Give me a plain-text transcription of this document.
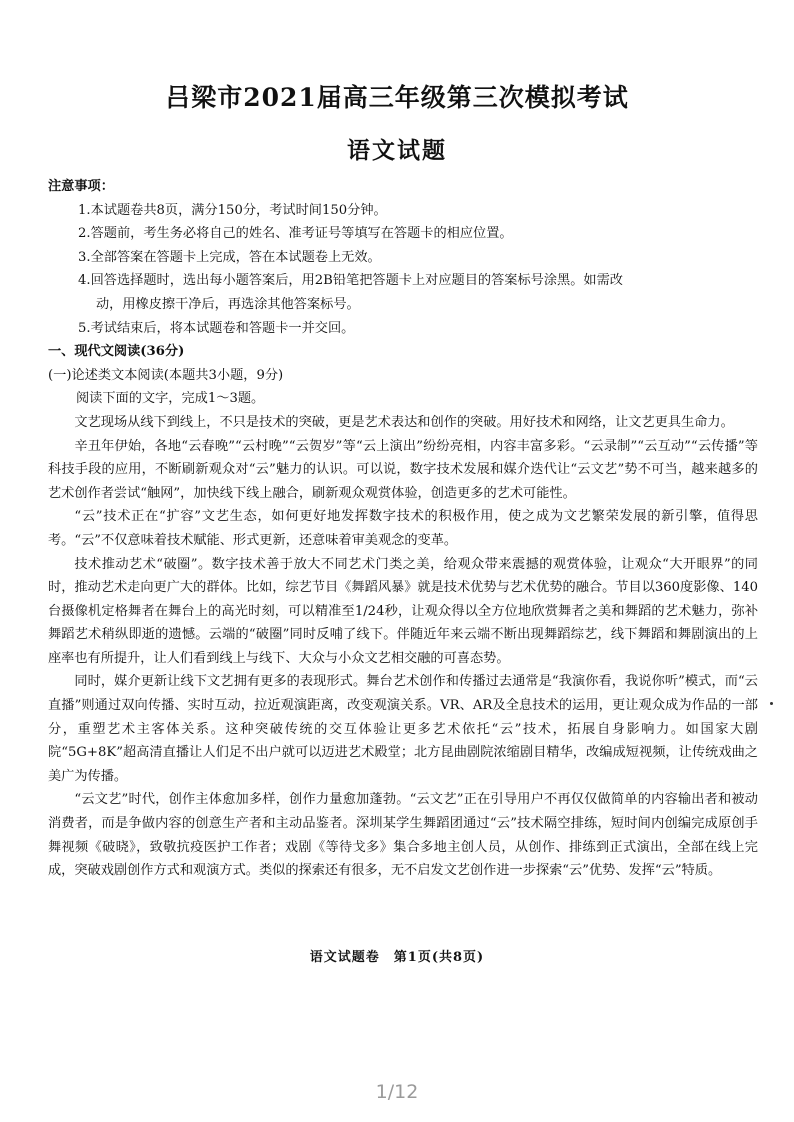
吕梁市2021届高三年级第三次模拟考试
语文试题
注意事项：
1.本试题卷共8页，满分150分，考试时间150分钟。
2.答题前，考生务必将自己的姓名、准考证号等填写在答题卡的相应位置。
3.全部答案在答题卡上完成，答在本试题卷上无效。
4.回答选择题时，选出每小题答案后，用2B铅笔把答题卡上对应题目的答案标号涂黑。如需改
动，用橡皮擦干净后，再选涂其他答案标号。
5.考试结束后，将本试题卷和答题卡一并交回。
一、现代文阅读(36分)
(一)论述类文本阅读(本题共3小题，9分)
阅读下面的文字，完成1～3题。
文艺现场从线下到线上，不只是技术的突破，更是艺术表达和创作的突破。用好技术和网络，让文艺更具生命力。
辛丑年伊始，各地“云春晚”“云村晚”“云贺岁”等“云上演出”纷纷亮相，内容丰富多彩。“云录制”“云互动”“云传播”等科技手段的应用，不断刷新观众对“云”魅力的认识。可以说，数字技术发展和媒介迭代让“云文艺”势不可当，越来越多的艺术创作者尝试“触网”，加快线下线上融合，刷新观众观赏体验，创造更多的艺术可能性。
“云”技术正在“扩容”文艺生态，如何更好地发挥数字技术的积极作用，使之成为文艺繁荣发展的新引擎，值得思考。“云”不仅意味着技术赋能、形式更新，还意味着审美观念的变革。
技术推动艺术“破圈”。数字技术善于放大不同艺术门类之美，给观众带来震撼的观赏体验，让观众“大开眼界”的同时，推动艺术走向更广大的群体。比如，综艺节目《舞蹈风暴》就是技术优势与艺术优势的融合。节目以360度影像、140台摄像机定格舞者在舞台上的高光时刻，可以精准至1/24秒，让观众得以全方位地欣赏舞者之美和舞蹈的艺术魅力，弥补舞蹈艺术稍纵即逝的遗憾。云端的“破圈”同时反哺了线下。伴随近年来云端不断出现舞蹈综艺，线下舞蹈和舞剧演出的上座率也有所提升，让人们看到线上与线下、大众与小众文艺相交融的可喜态势。
同时，媒介更新让线下文艺拥有更多的表现形式。舞台艺术创作和传播过去通常是“我演你看，我说你听”模式，而“云直播”则通过双向传播、实时互动，拉近观演距离，改变观演关系。VR、AR及全息技术的运用，更让观众成为作品的一部分，重塑艺术主客体关系。这种突破传统的交互体验让更多艺术依托“云”技术，拓展自身影响力。如国家大剧院“5G+8K”超高清直播让人们足不出户就可以迈进艺术殿堂；北方昆曲剧院浓缩剧目精华，改编成短视频，让传统戏曲之美广为传播。
“云文艺”时代，创作主体愈加多样，创作力量愈加蓬勃。“云文艺”正在引导用户不再仅仅做简单的内容输出者和被动消费者，而是争做内容的创意生产者和主动品鉴者。深圳某学生舞蹈团通过“云”技术隔空排练，短时间内创编完成原创手舞视频《破晓》，致敬抗疫医护工作者；戏剧《等待戈多》集合多地主创人员，从创作、排练到正式演出，全部在线上完成，突破戏剧创作方式和观演方式。类似的探索还有很多，无不启发文艺创作进一步探索“云”优势、发挥“云”特质。
语文试题卷　第1页(共8页)
1/12
